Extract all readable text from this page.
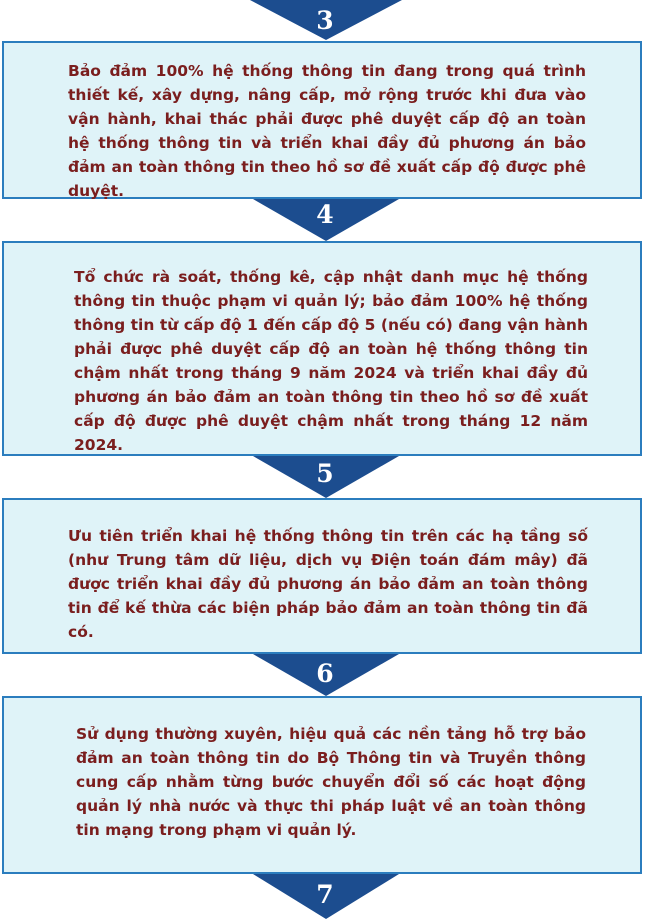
3

Bảo đảm 100% hệ thống thông tin đang trong quá trình thiết kế, xây dựng, nâng cấp, mở rộng trước khi đưa vào vận hành, khai thác phải được phê duyệt cấp độ an toàn hệ thống thông tin và triển khai đầy đủ phương án bảo đảm an toàn thông tin theo hồ sơ đề xuất cấp độ được phê duyệt.

4

Tổ chức rà soát, thống kê, cập nhật danh mục hệ thống thông tin thuộc phạm vi quản lý; bảo đảm 100% hệ thống thông tin từ cấp độ 1 đến cấp độ 5 (nếu có) đang vận hành phải được phê duyệt cấp độ an toàn hệ thống thông tin chậm nhất trong tháng 9 năm 2024 và triển khai đầy đủ phương án bảo đảm an toàn thông tin theo hồ sơ đề xuất cấp độ được phê duyệt chậm nhất trong tháng 12 năm 2024.

5

Ưu tiên triển khai hệ thống thông tin trên các hạ tầng số (như Trung tâm dữ liệu, dịch vụ Điện toán đám mây) đã được triển khai đầy đủ phương án bảo đảm an toàn thông tin để kế thừa các biện pháp bảo đảm an toàn thông tin đã có.

6

Sử dụng thường xuyên, hiệu quả các nền tảng hỗ trợ bảo đảm an toàn thông tin do Bộ Thông tin và Truyền thông cung cấp nhằm từng bước chuyển đổi số các hoạt động quản lý nhà nước và thực thi pháp luật về an toàn thông tin mạng trong phạm vi quản lý.

7
